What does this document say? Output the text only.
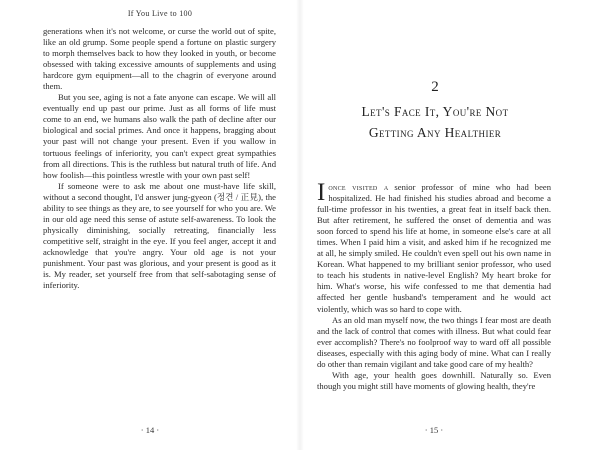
If You Live to 100

generations when it's not welcome, or curse the world out of spite, like an old grump. Some people spend a fortune on plastic surgery to morph themselves back to how they looked in youth, or become obsessed with taking excessive amounts of supplements and using hardcore gym equipment—all to the chagrin of everyone around them.

But you see, aging is not a fate anyone can escape. We will all eventually end up past our prime. Just as all forms of life must come to an end, we humans also walk the path of decline after our biological and social primes. And once it happens, bragging about your past will not change your present. Even if you wallow in tortuous feelings of inferiority, you can't expect great sympathies from all directions. This is the ruthless but natural truth of life. And how foolish—this pointless wrestle with your own past self!

If someone were to ask me about one must-have life skill, without a second thought, I'd answer jung-gyeon (정견 / 正見), the ability to see things as they are, to see yourself for who you are. We in our old age need this sense of astute self-awareness. To look the physically diminishing, socially retreating, financially less competitive self, straight in the eye. If you feel anger, accept it and acknowledge that you're angry. Your old age is not your punishment. Your past was glorious, and your present is good as it is. My reader, set yourself free from that self-sabotaging sense of inferiority.

· 14 ·
2
Let's Face It, You're Not
Getting Any Healthier

Ionce visited a senior professor of mine who had been hospitalized. He had finished his studies abroad and become a full-time professor in his twenties, a great feat in itself back then. But after retirement, he suffered the onset of dementia and was soon forced to spend his life at home, in someone else's care at all times. When I paid him a visit, and asked him if he recognized me at all, he simply smiled. He couldn't even spell out his own name in Korean. What happened to my brilliant senior professor, who used to teach his students in native-level English? My heart broke for him. What's worse, his wife confessed to me that dementia had affected her gentle husband's temperament and he would act violently, which was so hard to cope with.

As an old man myself now, the two things I fear most are death and the lack of control that comes with illness. But what could fear ever accomplish? There's no foolproof way to ward off all possible diseases, especially with this aging body of mine. What can I really do other than remain vigilant and take good care of my health?

With age, your health goes downhill. Naturally so. Even though you might still have moments of glowing health, they're

· 15 ·
